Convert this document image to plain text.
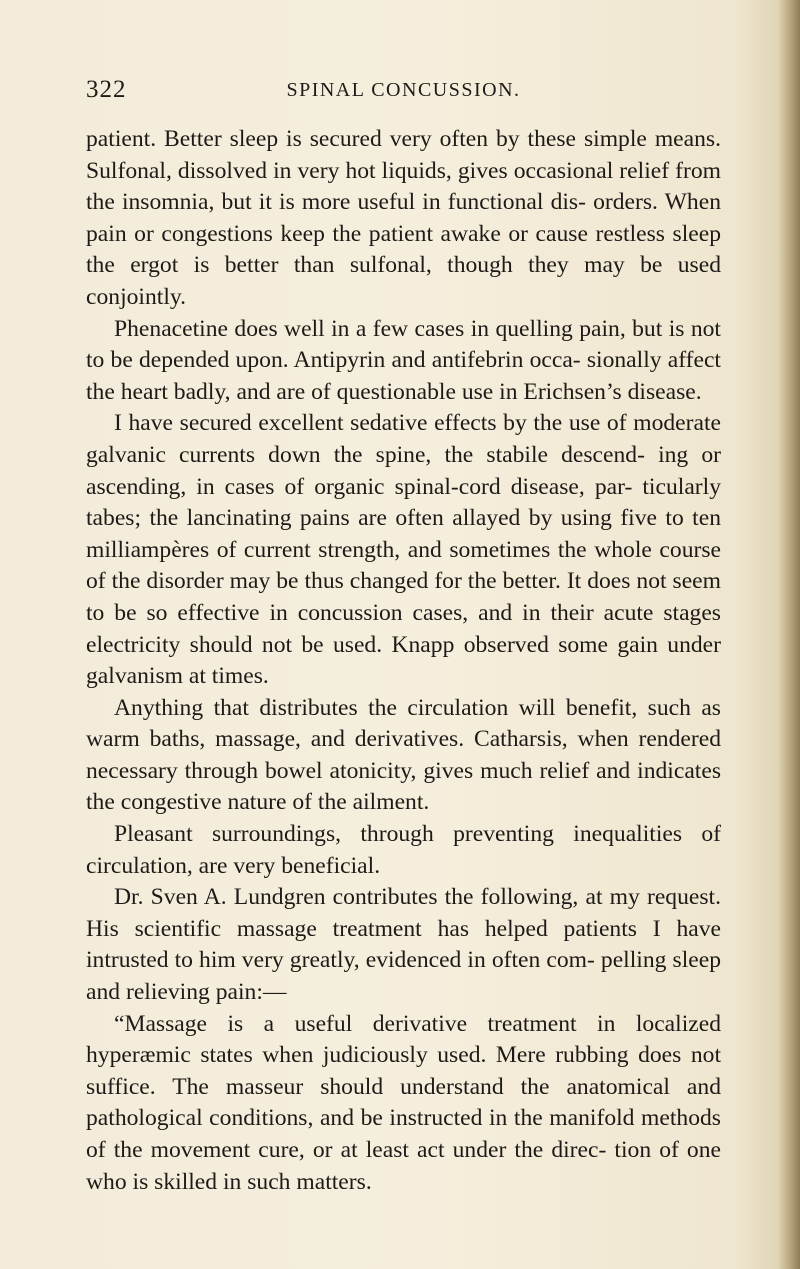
322	SPINAL CONCUSSION.

patient. Better sleep is secured very often by these simple means. Sulfonal, dissolved in very hot liquids, gives occasional relief from the insomnia, but it is more useful in functional dis- orders. When pain or congestions keep the patient awake or cause restless sleep the ergot is better than sulfonal, though they may be used conjointly.

Phenacetine does well in a few cases in quelling pain, but is not to be depended upon. Antipyrin and antifebrin occa- sionally affect the heart badly, and are of questionable use in Erichsen’s disease.

I have secured excellent sedative effects by the use of moderate galvanic currents down the spine, the stabile descend- ing or ascending, in cases of organic spinal-cord disease, par- ticularly tabes; the lancinating pains are often allayed by using five to ten milliampères of current strength, and sometimes the whole course of the disorder may be thus changed for the better. It does not seem to be so effective in concussion cases, and in their acute stages electricity should not be used. Knapp observed some gain under galvanism at times.

Anything that distributes the circulation will benefit, such as warm baths, massage, and derivatives. Catharsis, when rendered necessary through bowel atonicity, gives much relief and indicates the congestive nature of the ailment.

Pleasant surroundings, through preventing inequalities of circulation, are very beneficial.

Dr. Sven A. Lundgren contributes the following, at my request. His scientific massage treatment has helped patients I have intrusted to him very greatly, evidenced in often com- pelling sleep and relieving pain:—

“Massage is a useful derivative treatment in localized hyperæmic states when judiciously used. Mere rubbing does not suffice. The masseur should understand the anatomical and pathological conditions, and be instructed in the manifold methods of the movement cure, or at least act under the direc- tion of one who is skilled in such matters.
